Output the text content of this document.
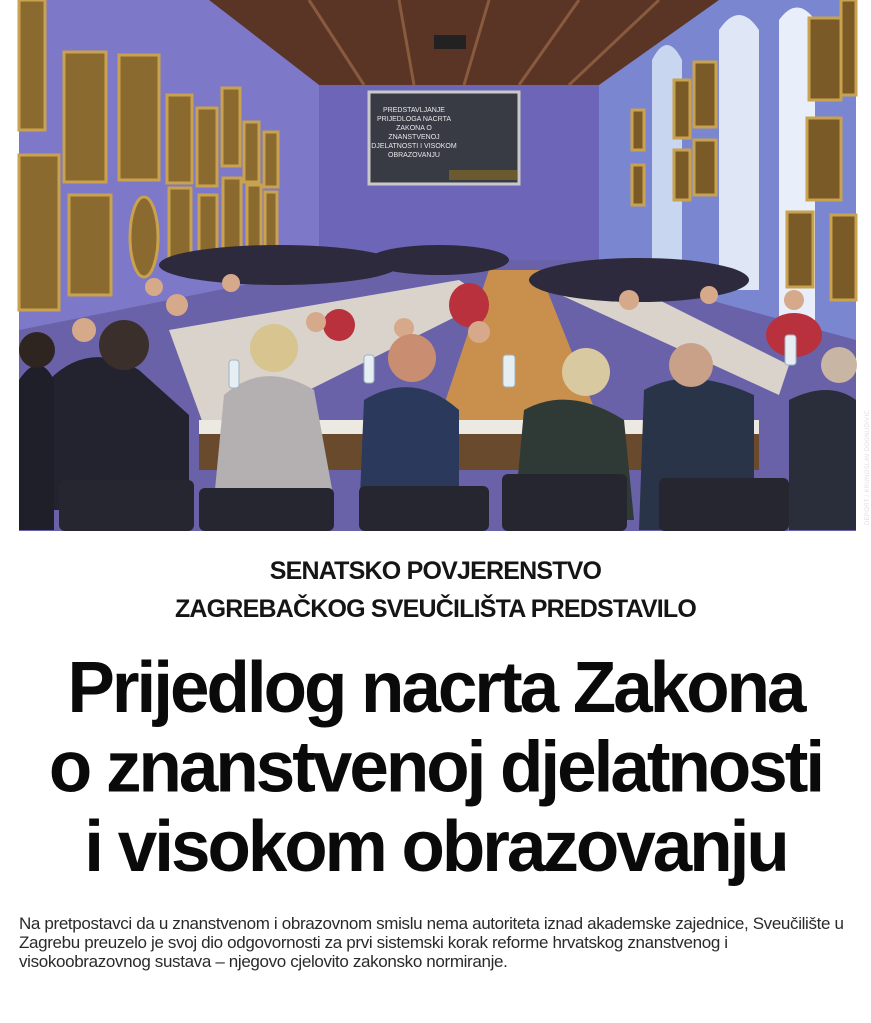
PREDSTAVLJANJE
PRIJEDLOGA NACRTA
ZAKONA O
ZNANSTVENOJ
DJELATNOSTI I VISOKOM
OBRAZOVANJU
DEPORT / KRUNOSLAV DOGNUDIVIC
SENATSKO POVJERENSTVO
ZAGREBAČKOG SVEUČILIŠTA PREDSTAVILO
Prijedlog nacrta Zakona
o znanstvenoj djelatnosti
i visokom obrazovanju
Na pretpostavci da u znanstvenom i obrazovnom smislu nema autoriteta iznad akademske zajednice, Sveučilište u Zagrebu preuzelo je svoj dio odgovornosti za prvi sistemski korak reforme hrvatskog znanstvenog i visokoobrazovnog sustava – njegovo cjelovito zakonsko normiranje.
